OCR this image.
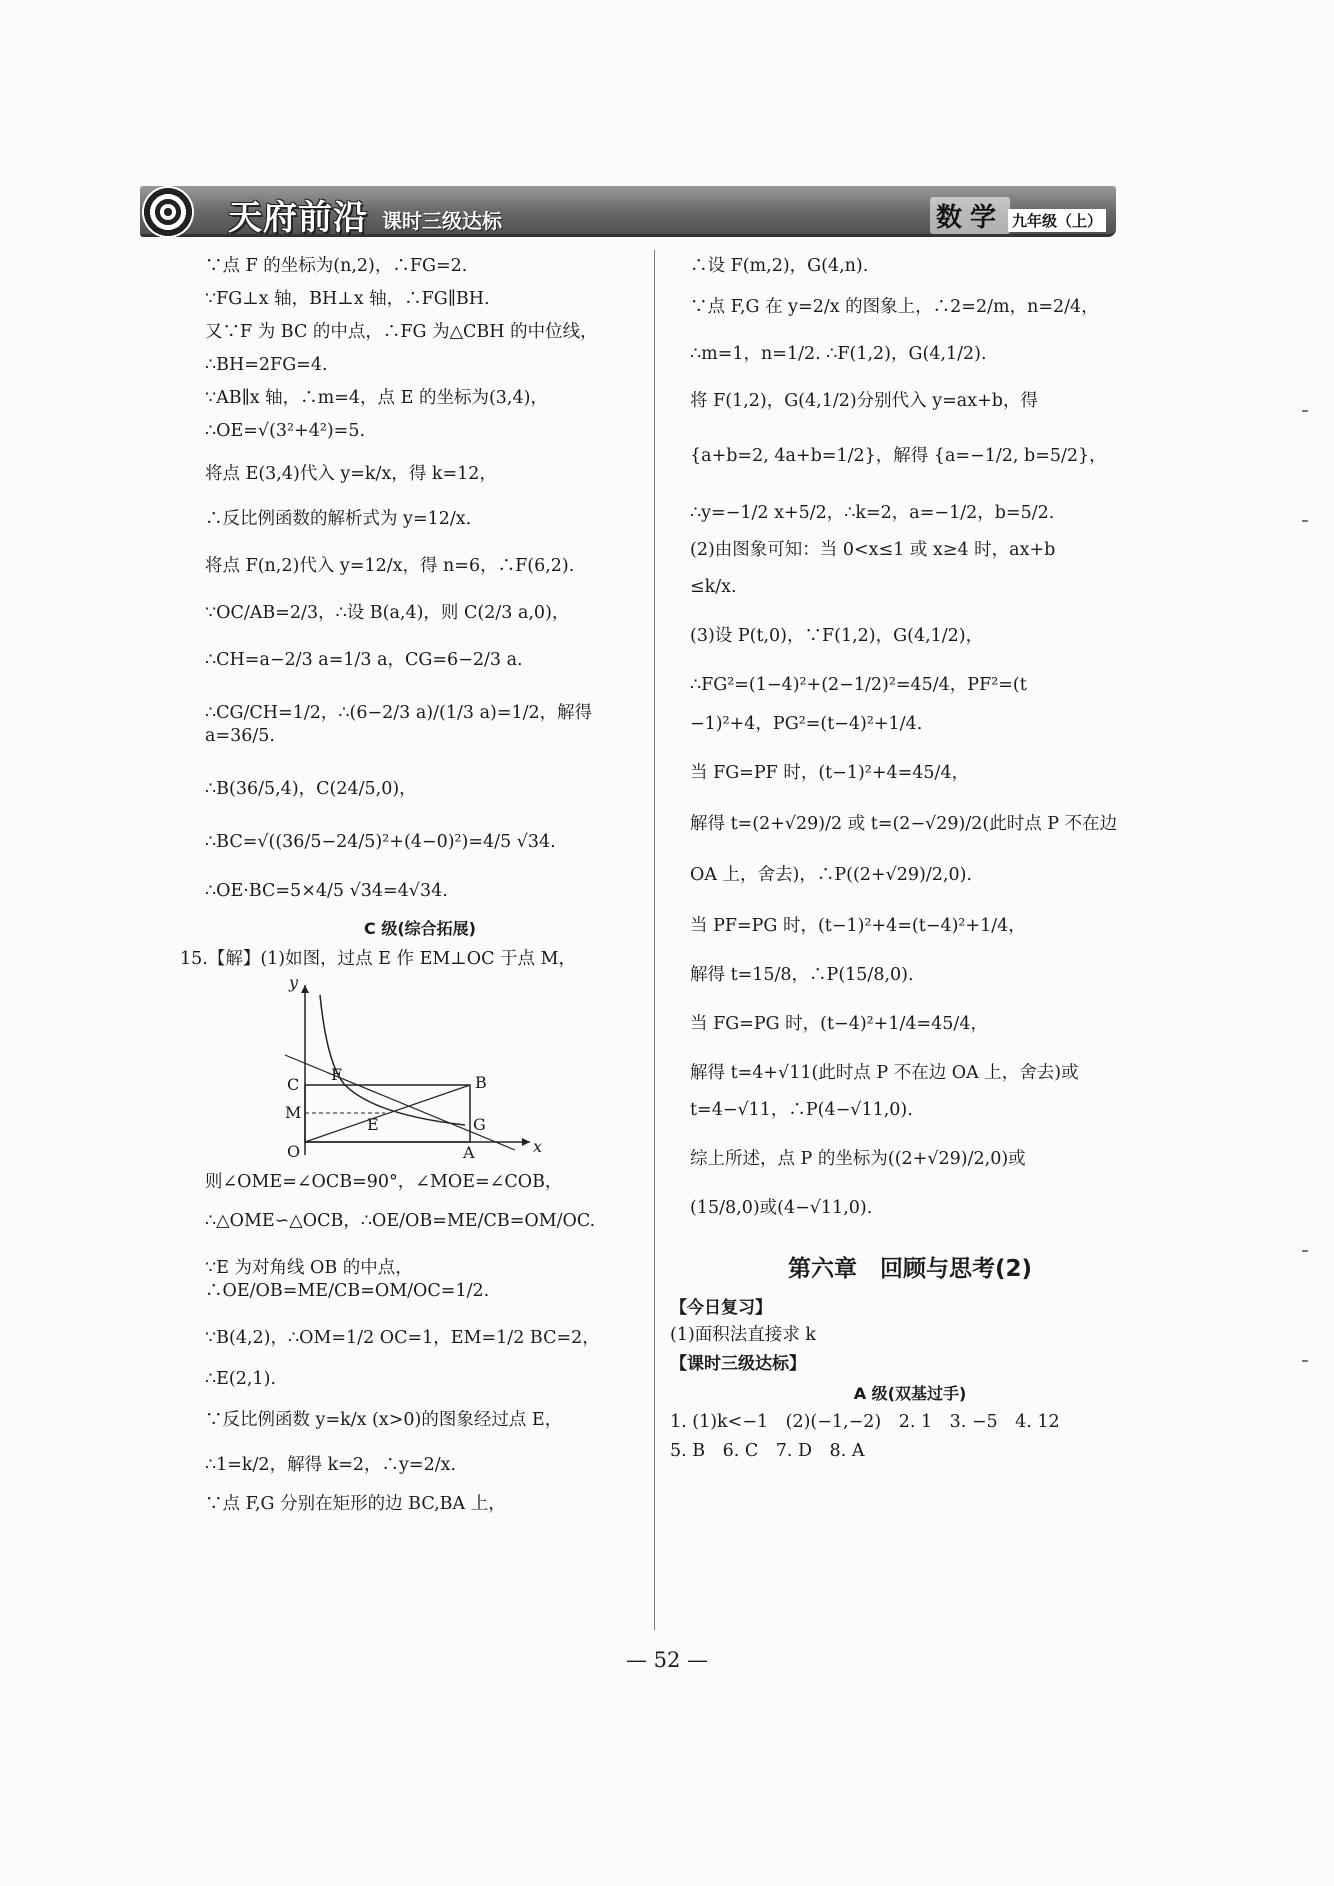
天府前沿 课时三级达标	数学 九年级（上）
∵点 F 的坐标为(n,2)，∴FG=2.
∵FG⊥x 轴，BH⊥x 轴，∴FG∥BH.
又∵F 为 BC 的中点，∴FG 为△CBH 的中位线，
∴BH=2FG=4.
∵AB∥x 轴，∴m=4，点 E 的坐标为(3,4)，
∴OE=√(3²+4²)=5.
将点 E(3,4)代入 y=k/x，得 k=12，
∴反比例函数的解析式为 y=12/x.
将点 F(n,2)代入 y=12/x，得 n=6，∴F(6,2).
∵OC/AB=2/3，∴设 B(a,4)，则 C(2/3 a,0)，
∴CH=a−2/3 a=1/3 a，CG=6−2/3 a.
∴CG/CH=1/2，∴(6−2/3 a)/(1/3 a)=1/2，解得 a=36/5.
∴B(36/5,4)，C(24/5,0)，
∴BC=√((36/5−24/5)²+(4−0)²)=4/5 √34.
∴OE·BC=5×4/5 √34=4√34.
C 级(综合拓展)
15.【解】(1)如图，过点 E 作 EM⊥OC 于点 M，
y
x
O	A
C
M
F	B
E	G
则∠OME=∠OCB=90°，∠MOE=∠COB，
∴△OME∽△OCB，∴OE/OB=ME/CB=OM/OC.
∵E 为对角线 OB 的中点，∴OE/OB=ME/CB=OM/OC=1/2.
∵B(4,2)，∴OM=1/2 OC=1，EM=1/2 BC=2，
∴E(2,1).
∵反比例函数 y=k/x (x>0)的图象经过点 E，
∴1=k/2，解得 k=2，∴y=2/x.
∵点 F,G 分别在矩形的边 BC,BA 上，
∴设 F(m,2)，G(4,n).
∵点 F,G 在 y=2/x 的图象上，∴2=2/m，n=2/4，
∴m=1，n=1/2. ∴F(1,2)，G(4,1/2).
将 F(1,2)，G(4,1/2)分别代入 y=ax+b，得
{a+b=2, 4a+b=1/2}，解得 {a=−1/2, b=5/2}，
∴y=−1/2 x+5/2，∴k=2，a=−1/2，b=5/2.
(2)由图象可知：当 0<x≤1 或 x≥4 时，ax+b
≤k/x.
(3)设 P(t,0)，∵F(1,2)，G(4,1/2)，
∴FG²=(1−4)²+(2−1/2)²=45/4，PF²=(t
−1)²+4，PG²=(t−4)²+1/4.
当 FG=PF 时，(t−1)²+4=45/4，
解得 t=(2+√29)/2 或 t=(2−√29)/2(此时点 P 不在边
OA 上，舍去)，∴P((2+√29)/2,0).
当 PF=PG 时，(t−1)²+4=(t−4)²+1/4，
解得 t=15/8，∴P(15/8,0).
当 FG=PG 时，(t−4)²+1/4=45/4，
解得 t=4+√11(此时点 P 不在边 OA 上，舍去)或
t=4−√11，∴P(4−√11,0).
综上所述，点 P 的坐标为((2+√29)/2,0)或
(15/8,0)或(4−√11,0).
第六章　回顾与思考(2)
【今日复习】
(1)面积法直接求 k
【课时三级达标】
A 级(双基过手)
1. (1)k<−1　(2)(−1,−2)　2. 1　3. −5　4. 12
5. B　6. C　7. D　8. A
— 52 —
